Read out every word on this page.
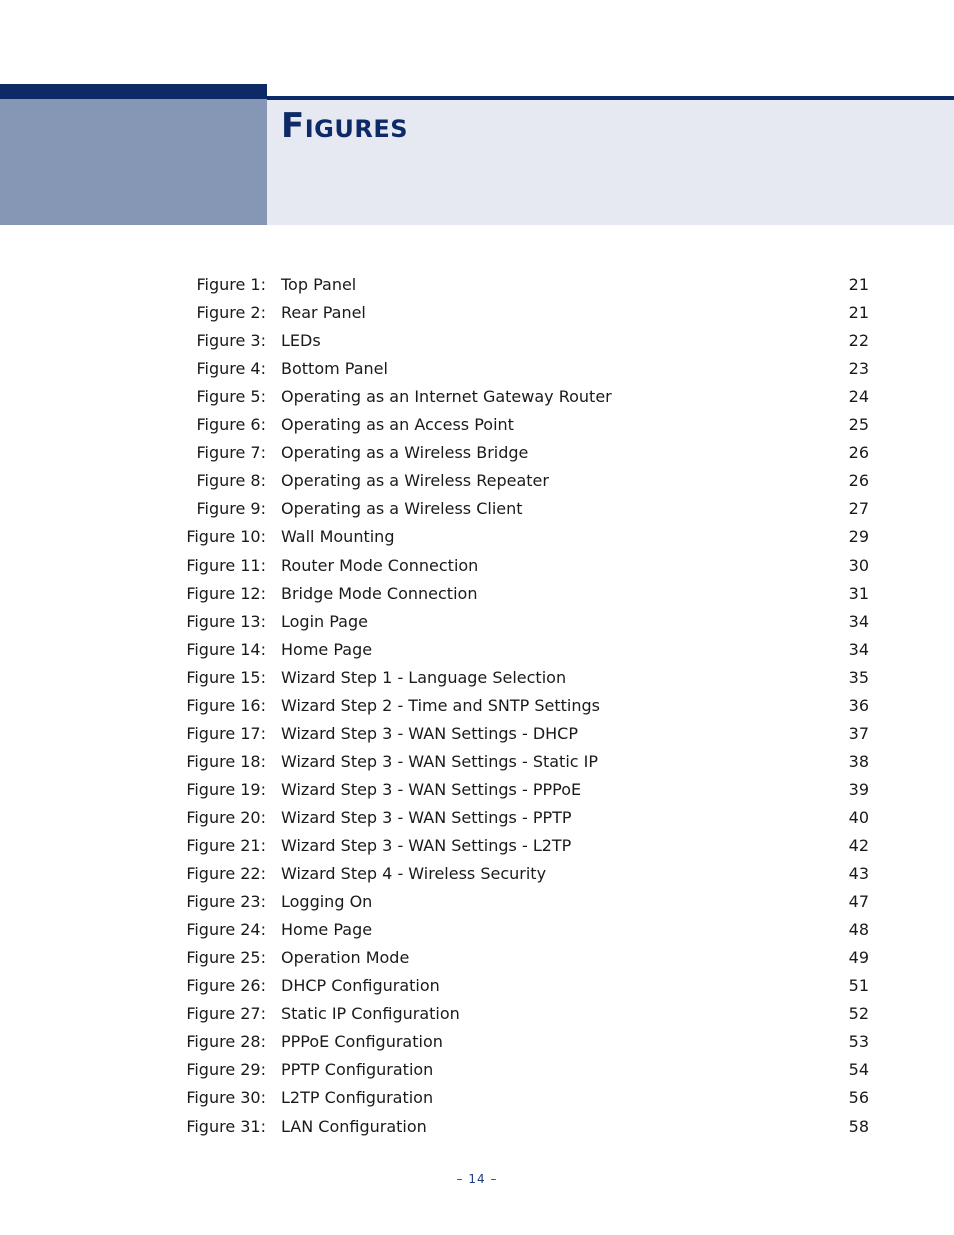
Figures
Figure 1: Top Panel	21
Figure 2: Rear Panel	21
Figure 3: LEDs	22
Figure 4: Bottom Panel	23
Figure 5: Operating as an Internet Gateway Router	24
Figure 6: Operating as an Access Point	25
Figure 7: Operating as a Wireless Bridge	26
Figure 8: Operating as a Wireless Repeater	26
Figure 9: Operating as a Wireless Client	27
Figure 10: Wall Mounting	29
Figure 11: Router Mode Connection	30
Figure 12: Bridge Mode Connection	31
Figure 13: Login Page	34
Figure 14: Home Page	34
Figure 15: Wizard Step 1 - Language Selection	35
Figure 16: Wizard Step 2 - Time and SNTP Settings	36
Figure 17: Wizard Step 3 - WAN Settings - DHCP	37
Figure 18: Wizard Step 3 - WAN Settings - Static IP	38
Figure 19: Wizard Step 3 - WAN Settings - PPPoE	39
Figure 20: Wizard Step 3 - WAN Settings - PPTP	40
Figure 21: Wizard Step 3 - WAN Settings - L2TP	42
Figure 22: Wizard Step 4 - Wireless Security	43
Figure 23: Logging On	47
Figure 24: Home Page	48
Figure 25: Operation Mode	49
Figure 26: DHCP Configuration	51
Figure 27: Static IP Configuration	52
Figure 28: PPPoE Configuration	53
Figure 29: PPTP Configuration	54
Figure 30: L2TP Configuration	56
Figure 31: LAN Configuration	58
– 14 –
